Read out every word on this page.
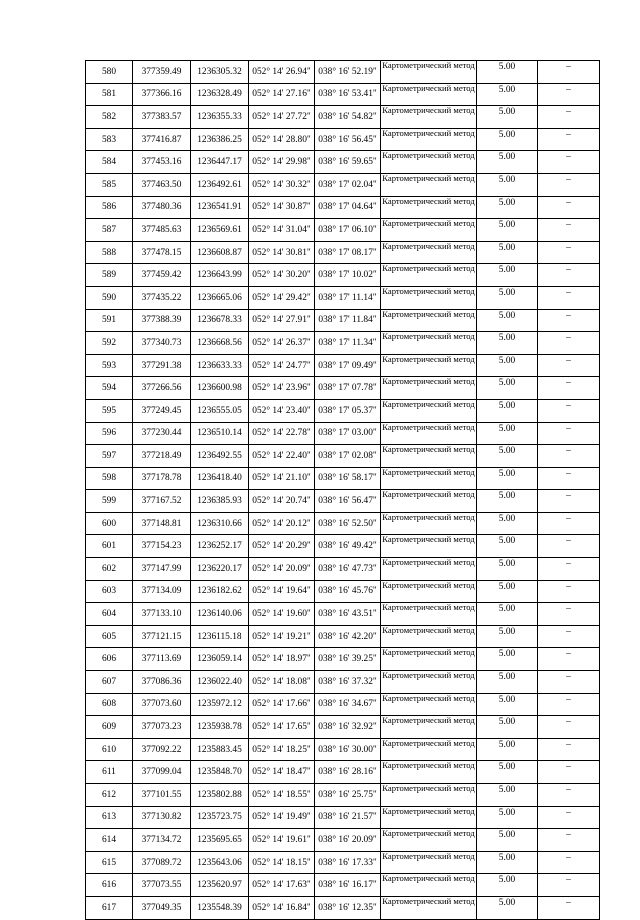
580	377359.49	1236305.32	052° 14' 26.94"	038° 16' 52.19"	Картометрический метод	5.00	–
581	377366.16	1236328.49	052° 14' 27.16"	038° 16' 53.41"	Картометрический метод	5.00	–
582	377383.57	1236355.33	052° 14' 27.72"	038° 16' 54.82"	Картометрический метод	5.00	–
583	377416.87	1236386.25	052° 14' 28.80"	038° 16' 56.45"	Картометрический метод	5.00	–
584	377453.16	1236447.17	052° 14' 29.98"	038° 16' 59.65"	Картометрический метод	5.00	–
585	377463.50	1236492.61	052° 14' 30.32"	038° 17' 02.04"	Картометрический метод	5.00	–
586	377480.36	1236541.91	052° 14' 30.87"	038° 17' 04.64"	Картометрический метод	5.00	–
587	377485.63	1236569.61	052° 14' 31.04"	038° 17' 06.10"	Картометрический метод	5.00	–
588	377478.15	1236608.87	052° 14' 30.81"	038° 17' 08.17"	Картометрический метод	5.00	–
589	377459.42	1236643.99	052° 14' 30.20"	038° 17' 10.02"	Картометрический метод	5.00	–
590	377435.22	1236665.06	052° 14' 29.42"	038° 17' 11.14"	Картометрический метод	5.00	–
591	377388.39	1236678.33	052° 14' 27.91"	038° 17' 11.84"	Картометрический метод	5.00	–
592	377340.73	1236668.56	052° 14' 26.37"	038° 17' 11.34"	Картометрический метод	5.00	–
593	377291.38	1236633.33	052° 14' 24.77"	038° 17' 09.49"	Картометрический метод	5.00	–
594	377266.56	1236600.98	052° 14' 23.96"	038° 17' 07.78"	Картометрический метод	5.00	–
595	377249.45	1236555.05	052° 14' 23.40"	038° 17' 05.37"	Картометрический метод	5.00	–
596	377230.44	1236510.14	052° 14' 22.78"	038° 17' 03.00"	Картометрический метод	5.00	–
597	377218.49	1236492.55	052° 14' 22.40"	038° 17' 02.08"	Картометрический метод	5.00	–
598	377178.78	1236418.40	052° 14' 21.10"	038° 16' 58.17"	Картометрический метод	5.00	–
599	377167.52	1236385.93	052° 14' 20.74"	038° 16' 56.47"	Картометрический метод	5.00	–
600	377148.81	1236310.66	052° 14' 20.12"	038° 16' 52.50"	Картометрический метод	5.00	–
601	377154.23	1236252.17	052° 14' 20.29"	038° 16' 49.42"	Картометрический метод	5.00	–
602	377147.99	1236220.17	052° 14' 20.09"	038° 16' 47.73"	Картометрический метод	5.00	–
603	377134.09	1236182.62	052° 14' 19.64"	038° 16' 45.76"	Картометрический метод	5.00	–
604	377133.10	1236140.06	052° 14' 19.60"	038° 16' 43.51"	Картометрический метод	5.00	–
605	377121.15	1236115.18	052° 14' 19.21"	038° 16' 42.20"	Картометрический метод	5.00	–
606	377113.69	1236059.14	052° 14' 18.97"	038° 16' 39.25"	Картометрический метод	5.00	–
607	377086.36	1236022.40	052° 14' 18.08"	038° 16' 37.32"	Картометрический метод	5.00	–
608	377073.60	1235972.12	052° 14' 17.66"	038° 16' 34.67"	Картометрический метод	5.00	–
609	377073.23	1235938.78	052° 14' 17.65"	038° 16' 32.92"	Картометрический метод	5.00	–
610	377092.22	1235883.45	052° 14' 18.25"	038° 16' 30.00"	Картометрический метод	5.00	–
611	377099.04	1235848.70	052° 14' 18.47"	038° 16' 28.16"	Картометрический метод	5.00	–
612	377101.55	1235802.88	052° 14' 18.55"	038° 16' 25.75"	Картометрический метод	5.00	–
613	377130.82	1235723.75	052° 14' 19.49"	038° 16' 21.57"	Картометрический метод	5.00	–
614	377134.72	1235695.65	052° 14' 19.61"	038° 16' 20.09"	Картометрический метод	5.00	–
615	377089.72	1235643.06	052° 14' 18.15"	038° 16' 17.33"	Картометрический метод	5.00	–
616	377073.55	1235620.97	052° 14' 17.63"	038° 16' 16.17"	Картометрический метод	5.00	–
617	377049.35	1235548.39	052° 14' 16.84"	038° 16' 12.35"	Картометрический метод	5.00	–
